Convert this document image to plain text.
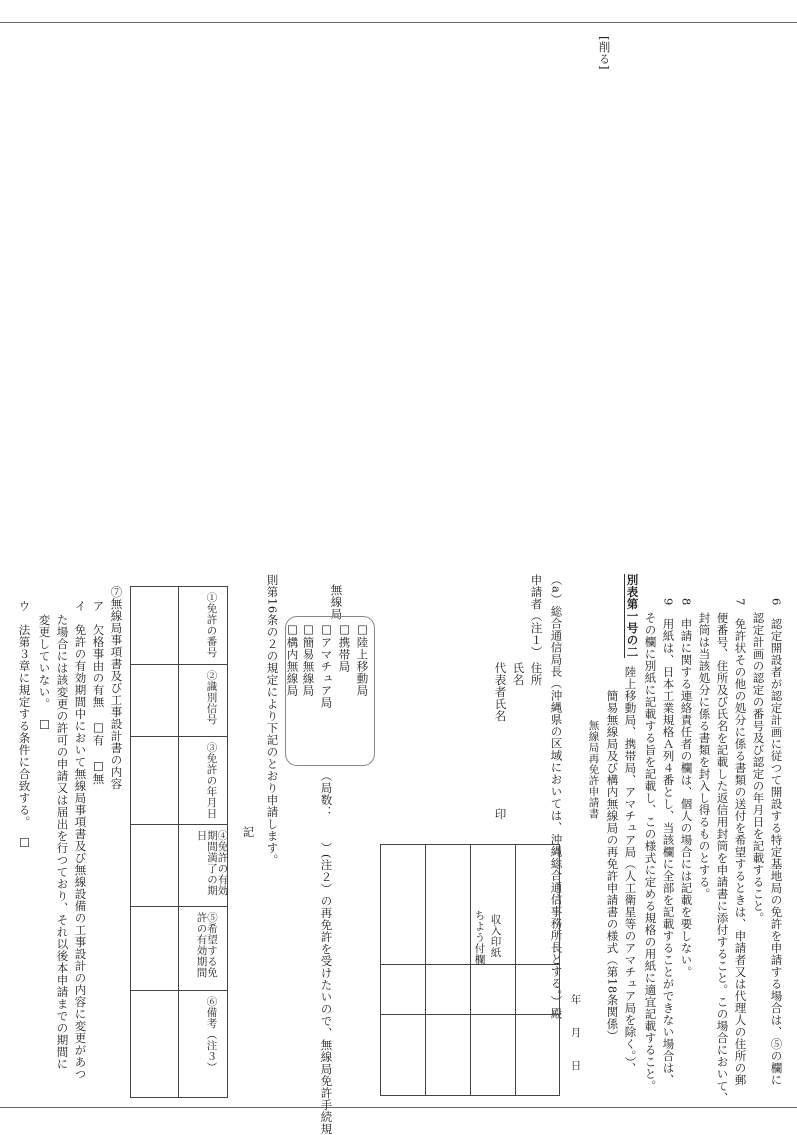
[削る]
6　認定開設者が認定計画に従つて開設する特定基地局の免許を申請する場合は、⑤の欄に
認定計画の認定の番号及び認定の年月日を記載すること。
7　免許状その他の処分に係る書類の送付を希望するときは、申請者又は代理人の住所の郵
便番号、住所及び氏名を記載した返信用封筒を申請書に添付すること。この場合において、
封筒は当該処分に係る書類を封入し得るものとする。
8　申請に関する連絡責任者の欄は、個人の場合には記載を要しない。
9　用紙は、日本工業規格Ａ列４番とし、当該欄に全部を記載することができない場合は、
その欄に別紙に記載する旨を記載し、この様式に定める規格の用紙に適宜記載すること。
別表第一号の二
陸上移動局、携帯局、アマチュア局（人工衛星等のアマチュア局を除く。）、
簡易無線局及び構内無線局の再免許申請書の様式（第18条関係）
無線局再免許申請書
年　　月　　日
（a）総合通信局長（沖縄県の区域においては、沖縄総合通信事務所長とする。）殿
申請者（注１）
住所
氏名
代表者氏名
印
収入印紙
ちよう付欄
無線局
□陸上移動局
□携帯局
□アマチュア局
□簡易無線局
□構内無線局
（局数：　　）(注２）の再免許を受けたいので、無線局免許手続規
則第16条の２の規定により下記のとおり申請します。
記
①免許の番号
②識別信号
③免許の年月日
④免許の有効期間満了の期日
⑤希望する免許の有効期間
⑥備考（注３）
⑦無線局事項書及び工事設計書の内容
ア　欠格事由の有無　□有　□無
イ　免許の有効期間中において無線局事項書及び無線設備の工事設計の内容に変更があつ
た場合には該変更の許可の申請又は届出を行つており、それ以後本申請までの期間に
変更していない。　□
ウ　法第３章に規定する条件に合致する。　□
